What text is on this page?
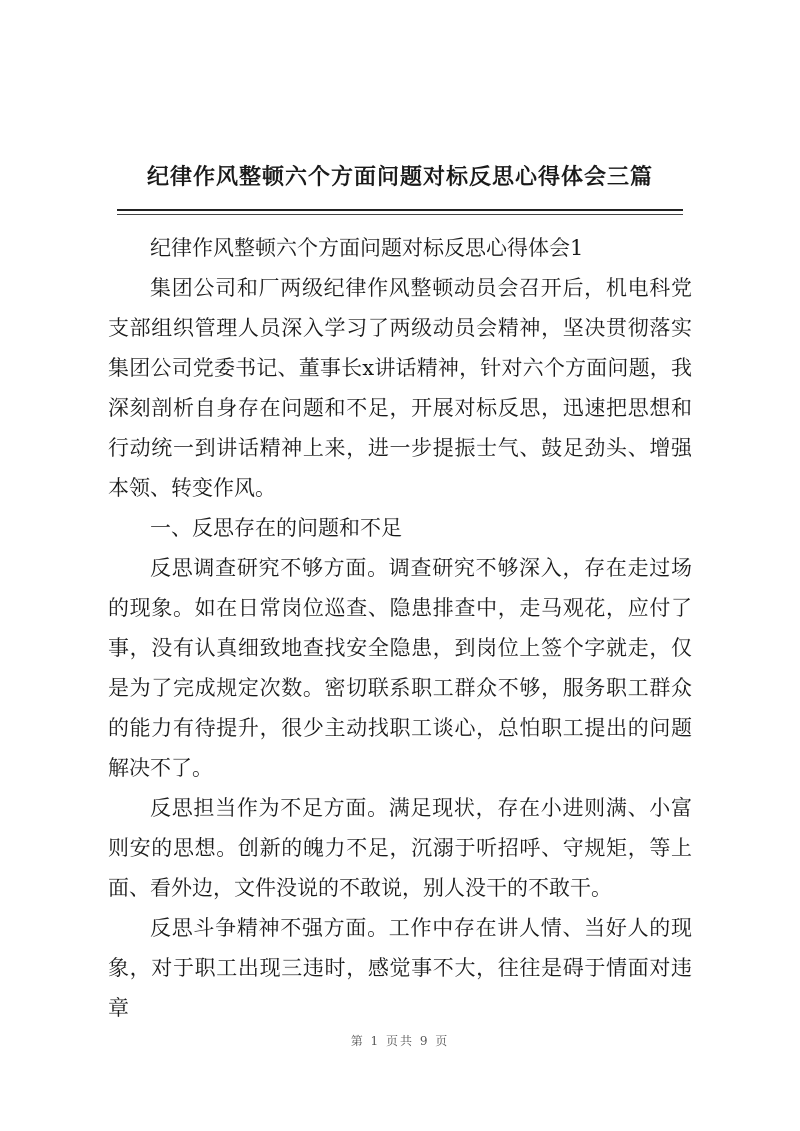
纪律作风整顿六个方面问题对标反思心得体会三篇

纪律作风整顿六个方面问题对标反思心得体会1

集团公司和厂两级纪律作风整顿动员会召开后，机电科党支部组织管理人员深入学习了两级动员会精神，坚决贯彻落实集团公司党委书记、董事长x讲话精神，针对六个方面问题，我深刻剖析自身存在问题和不足，开展对标反思，迅速把思想和行动统一到讲话精神上来，进一步提振士气、鼓足劲头、增强本领、转变作风。

一、反思存在的问题和不足

反思调查研究不够方面。调查研究不够深入，存在走过场的现象。如在日常岗位巡查、隐患排查中，走马观花，应付了事，没有认真细致地查找安全隐患，到岗位上签个字就走，仅是为了完成规定次数。密切联系职工群众不够，服务职工群众的能力有待提升，很少主动找职工谈心，总怕职工提出的问题解决不了。

反思担当作为不足方面。满足现状，存在小进则满、小富则安的思想。创新的魄力不足，沉溺于听招呼、守规矩，等上面、看外边，文件没说的不敢说，别人没干的不敢干。

反思斗争精神不强方面。工作中存在讲人情、当好人的现象，对于职工出现三违时，感觉事不大，往往是碍于情面对违章

第 1 页共 9 页
